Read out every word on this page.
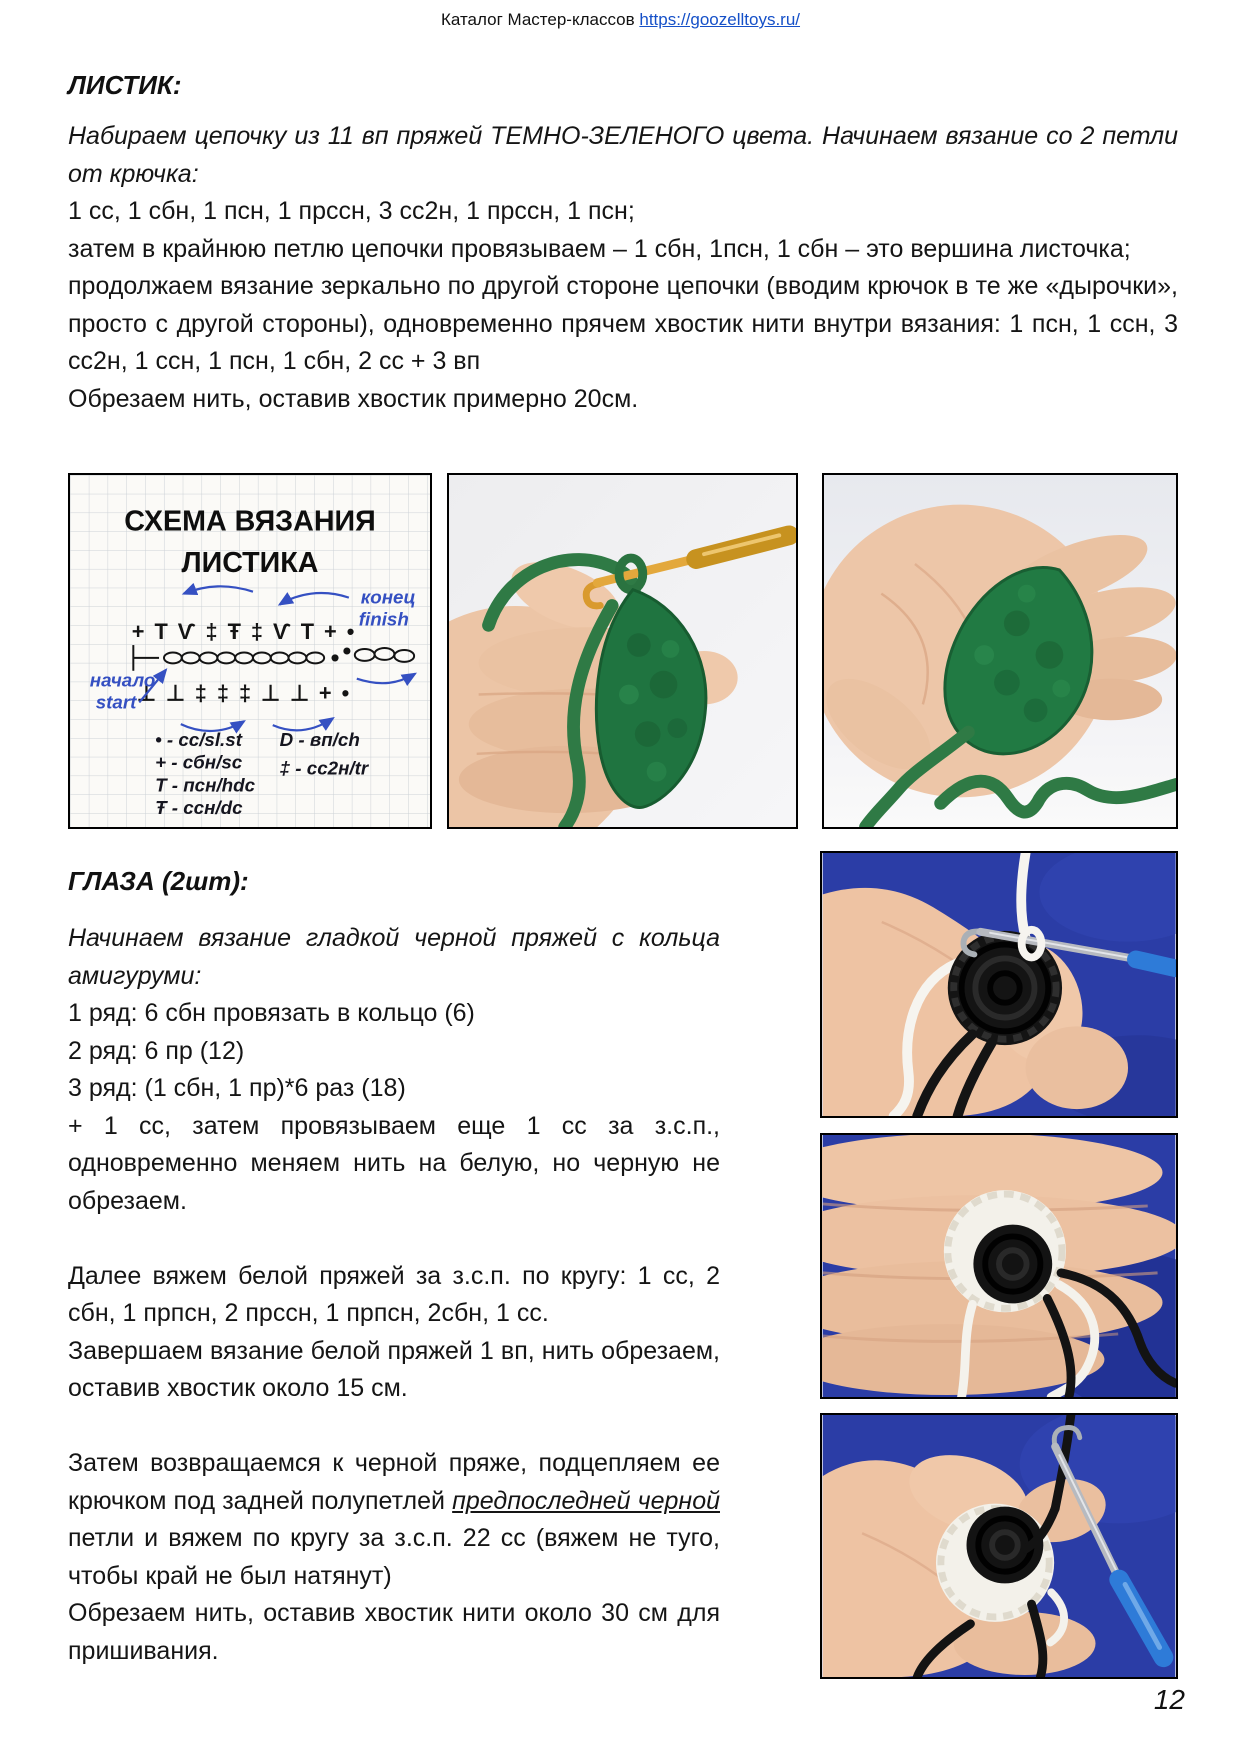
Каталог Мастер-классов https://goozelltoys.ru/
ЛИСТИК:

Набираем цепочку из 11 вп пряжей ТЕМНО-ЗЕЛЕНОГО цвета. Начинаем вязание со 2 петли от крючка:

1 сс, 1 сбн, 1 псн, 1 прссн, 3 сс2н, 1 прссн, 1 псн;

затем в крайнюю петлю цепочки провязываем – 1 сбн, 1псн, 1 сбн – это вершина листочка;

продолжаем вязание зеркально по другой стороне цепочки (вводим крючок в те же «дырочки», просто с другой стороны), одновременно прячем хвостик нити внутри вязания: 1 псн, 1 ссн, 3 сс2н, 1 ссн, 1 псн, 1 сбн, 2 сс + 3 вп

Обрезаем нить, оставив хвостик примерно 20см.

СХЕМА ВЯЗАНИЯ
ЛИСТИКА
+ Т Ѵ ‡ Ŧ ‡ Ѵ Т + •
⊥ ⊥ ‡ ‡ ‡ ⊥ ⊥ + •
начало
start
конец
finish
• - сс/sl.st
+ - сбн/sc
Т - псн/hdc
Ŧ - ссн/dc
D - вп/ch
‡ - сс2н/tr
ГЛАЗА (2шт):

Начинаем вязание гладкой черной пряжей с кольца амигуруми:

1 ряд: 6 сбн провязать в кольцо (6)

2 ряд: 6 пр (12)

3 ряд: (1 сбн, 1 пр)*6 раз (18)

+ 1 сс, затем провязываем еще 1 сс за з.с.п., одновременно меняем нить на белую, но черную не обрезаем.

Далее вяжем белой пряжей за з.с.п. по кругу: 1 сс, 2 сбн, 1 прпсн, 2 прссн, 1 прпсн, 2сбн, 1 сс.

Завершаем вязание белой пряжей 1 вп, нить обрезаем, оставив хвостик около 15 см.

Затем возвращаемся к черной пряже, подцепляем ее крючком под задней полупетлей предпоследней черной петли и вяжем по кругу за з.с.п. 22 сс (вяжем не туго, чтобы край не был натянут)

Обрезаем нить, оставив хвостик нити около 30 см для пришивания.

12
